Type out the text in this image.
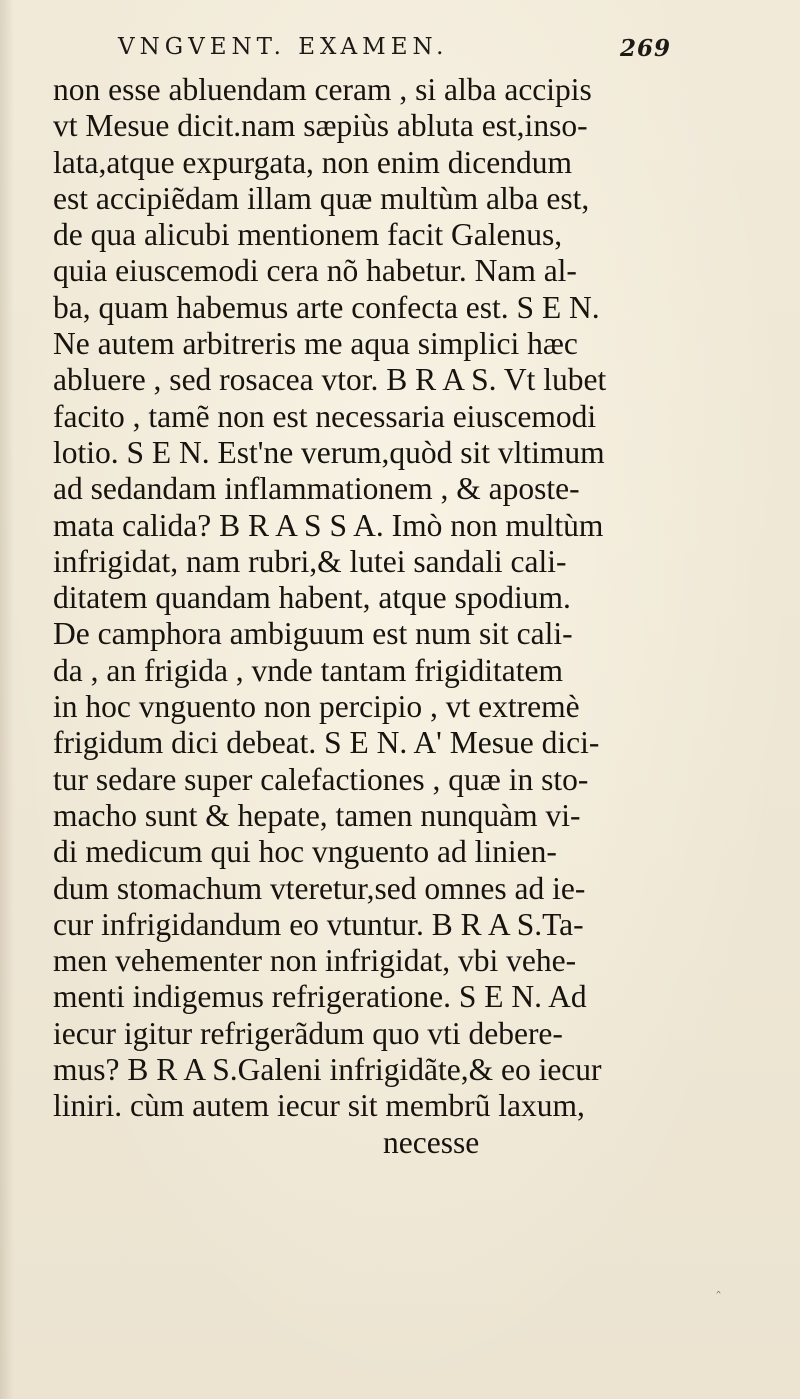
VNGVENT. EXAMEN.	269
non esse abluendam ceram , si alba accipis
vt Mesue dicit.nam sæpiùs abluta est,inso-
lata,atque expurgata, non enim dicendum
est accipiẽdam illam quæ multùm alba est,
de qua alicubi mentionem facit Galenus,
quia eiuscemodi cera nõ habetur. Nam al-
ba, quam habemus arte confecta est. S E N.
Ne autem arbitreris me aqua simplici hæc
abluere , sed rosacea vtor. B R A S. Vt lubet
facito , tamẽ non est necessaria eiuscemodi
lotio. S E N. Est'ne verum,quòd sit vltimum
ad sedandam inflammationem , & aposte-
mata calida? B R A S S A. Imò non multùm
infrigidat, nam rubri,& lutei sandali cali-
ditatem quandam habent, atque spodium.
De camphora ambiguum est num sit cali-
da , an frigida , vnde tantam frigiditatem
in hoc vnguento non percipio , vt extremè
frigidum dici debeat. S E N. A' Mesue dici-
tur sedare super calefactiones , quæ in sto-
macho sunt & hepate, tamen nunquàm vi-
di medicum qui hoc vnguento ad linien-
dum stomachum vteretur,sed omnes ad ie-
cur infrigidandum eo vtuntur. B R A S.Ta-
men vehementer non infrigidat, vbi vehe-
menti indigemus refrigeratione. S E N. Ad
iecur igitur refrigerãdum quo vti debere-
mus? B R A S.Galeni infrigidãte,& eo iecur
liniri. cùm autem iecur sit membrũ laxum,
necesse
ˆ
